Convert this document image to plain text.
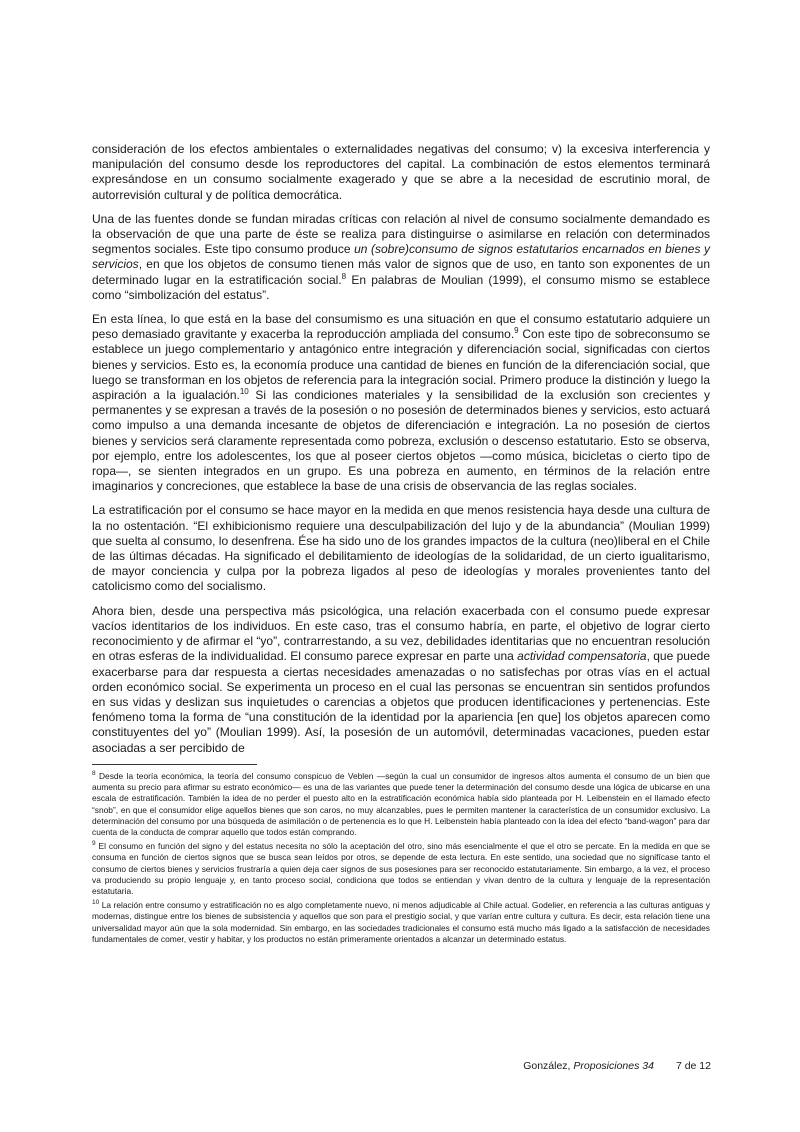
consideración de los efectos ambientales o externalidades negativas del consumo; v) la excesiva interferencia y manipulación del consumo desde los reproductores del capital. La combinación de estos elementos terminará expresándose en un consumo socialmente exagerado y que se abre a la necesidad de escrutinio moral, de autorrevisión cultural y de política democrática.

Una de las fuentes donde se fundan miradas críticas con relación al nivel de consumo socialmente demandado es la observación de que una parte de éste se realiza para distinguirse o asimilarse en relación con determinados segmentos sociales. Este tipo consumo produce un (sobre)consumo de signos estatutarios encarnados en bienes y servicios, en que los objetos de consumo tienen más valor de signos que de uso, en tanto son exponentes de un determinado lugar en la estratificación social.$^8$ En palabras de Moulian (1999), el consumo mismo se establece como “simbolización del estatus”.

En esta línea, lo que está en la base del consumismo es una situación en que el consumo estatutario adquiere un peso demasiado gravitante y exacerba la reproducción ampliada del consumo.$^9$ Con este tipo de sobreconsumo se establece un juego complementario y antagónico entre integración y diferenciación social, significadas con ciertos bienes y servicios. Esto es, la economía produce una cantidad de bienes en función de la diferenciación social, que luego se transforman en los objetos de referencia para la integración social. Primero produce la distinción y luego la aspiración a la igualación.$^{10}$ Si las condiciones materiales y la sensibilidad de la exclusión son crecientes y permanentes y se expresan a través de la posesión o no posesión de determinados bienes y servicios, esto actuará como impulso a una demanda incesante de objetos de diferenciación e integración. La no posesión de ciertos bienes y servicios será claramente representada como pobreza, exclusión o descenso estatutario. Esto se observa, por ejemplo, entre los adolescentes, los que al poseer ciertos objetos —como música, bicicletas o cierto tipo de ropa—, se sienten integrados en un grupo. Es una pobreza en aumento, en términos de la relación entre imaginarios y concreciones, que establece la base de una crisis de observancia de las reglas sociales.

La estratificación por el consumo se hace mayor en la medida en que menos resistencia haya desde una cultura de la no ostentación. “El exhibicionismo requiere una desculpabilización del lujo y de la abundancia” (Moulian 1999) que suelta al consumo, lo desenfrena. Ése ha sido uno de los grandes impactos de la cultura (neo)liberal en el Chile de las últimas décadas. Ha significado el debilitamiento de ideologías de la solidaridad, de un cierto igualitarismo, de mayor conciencia y culpa por la pobreza ligados al peso de ideologías y morales provenientes tanto del catolicismo como del socialismo.

Ahora bien, desde una perspectiva más psicológica, una relación exacerbada con el consumo puede expresar vacíos identitarios de los individuos. En este caso, tras el consumo habría, en parte, el objetivo de lograr cierto reconocimiento y de afirmar el “yo”, contrarrestando, a su vez, debilidades identitarias que no encuentran resolución en otras esferas de la individualidad. El consumo parece expresar en parte una actividad compensatoria, que puede exacerbarse para dar respuesta a ciertas necesidades amenazadas o no satisfechas por otras vías en el actual orden económico social. Se experimenta un proceso en el cual las personas se encuentran sin sentidos profundos en sus vidas y deslizan sus inquietudes o carencias a objetos que producen identificaciones y pertenencias. Este fenómeno toma la forma de “una constitución de la identidad por la apariencia [en que] los objetos aparecen como constituyentes del yo” (Moulian 1999). Así, la posesión de un automóvil, determinadas vacaciones, pueden estar asociadas a ser percibido de

$^8$ Desde la teoría económica, la teoría del consumo conspicuo de Veblen —según la cual un consumidor de ingresos altos aumenta el consumo de un bien que aumenta su precio para afirmar su estrato económico— es una de las variantes que puede tener la determinación del consumo desde una lógica de ubicarse en una escala de estratificación. También la idea de no perder el puesto alto en la estratificación económica había sido planteada por H. Leibenstein en el llamado efecto “snob”, en que el consumidor elige aquellos bienes que son caros, no muy alcanzables, pues le permiten mantener la característica de un consumidor exclusivo. La determinación del consumo por una búsqueda de asimilación o de pertenencia es lo que H. Leibenstein había planteado con la idea del efecto “band-wagon” para dar cuenta de la conducta de comprar aquello que todos están comprando.

$^9$ El consumo en función del signo y del estatus necesita no sólo la aceptación del otro, sino más esencialmente el que el otro se percate. En la medida en que se consuma en función de ciertos signos que se busca sean leídos por otros, se depende de esta lectura. En este sentido, una sociedad que no signifícase tanto el consumo de ciertos bienes y servicios frustraría a quien deja caer signos de sus posesiones para ser reconocido estatutariamente. Sin embargo, a la vez, el proceso va produciendo su propio lenguaje y, en tanto proceso social, condiciona que todos se entiendan y vivan dentro de la cultura y lenguaje de la representación estatutaria.

$^{10}$ La relación entre consumo y estratificación no es algo completamente nuevo, ni menos adjudicable al Chile actual. Godelier, en referencia a las culturas antiguas y modernas, distingue entre los bienes de subsistencia y aquellos que son para el prestigio social, y que varían entre cultura y cultura. Es decir, esta relación tiene una universalidad mayor aún que la sola modernidad. Sin embargo, en las sociedades tradicionales el consumo está mucho más ligado a la satisfacción de necesidades fundamentales de comer, vestir y habitar, y los productos no están primeramente orientados a alcanzar un determinado estatus.

González, Proposiciones 34 7 de 12
